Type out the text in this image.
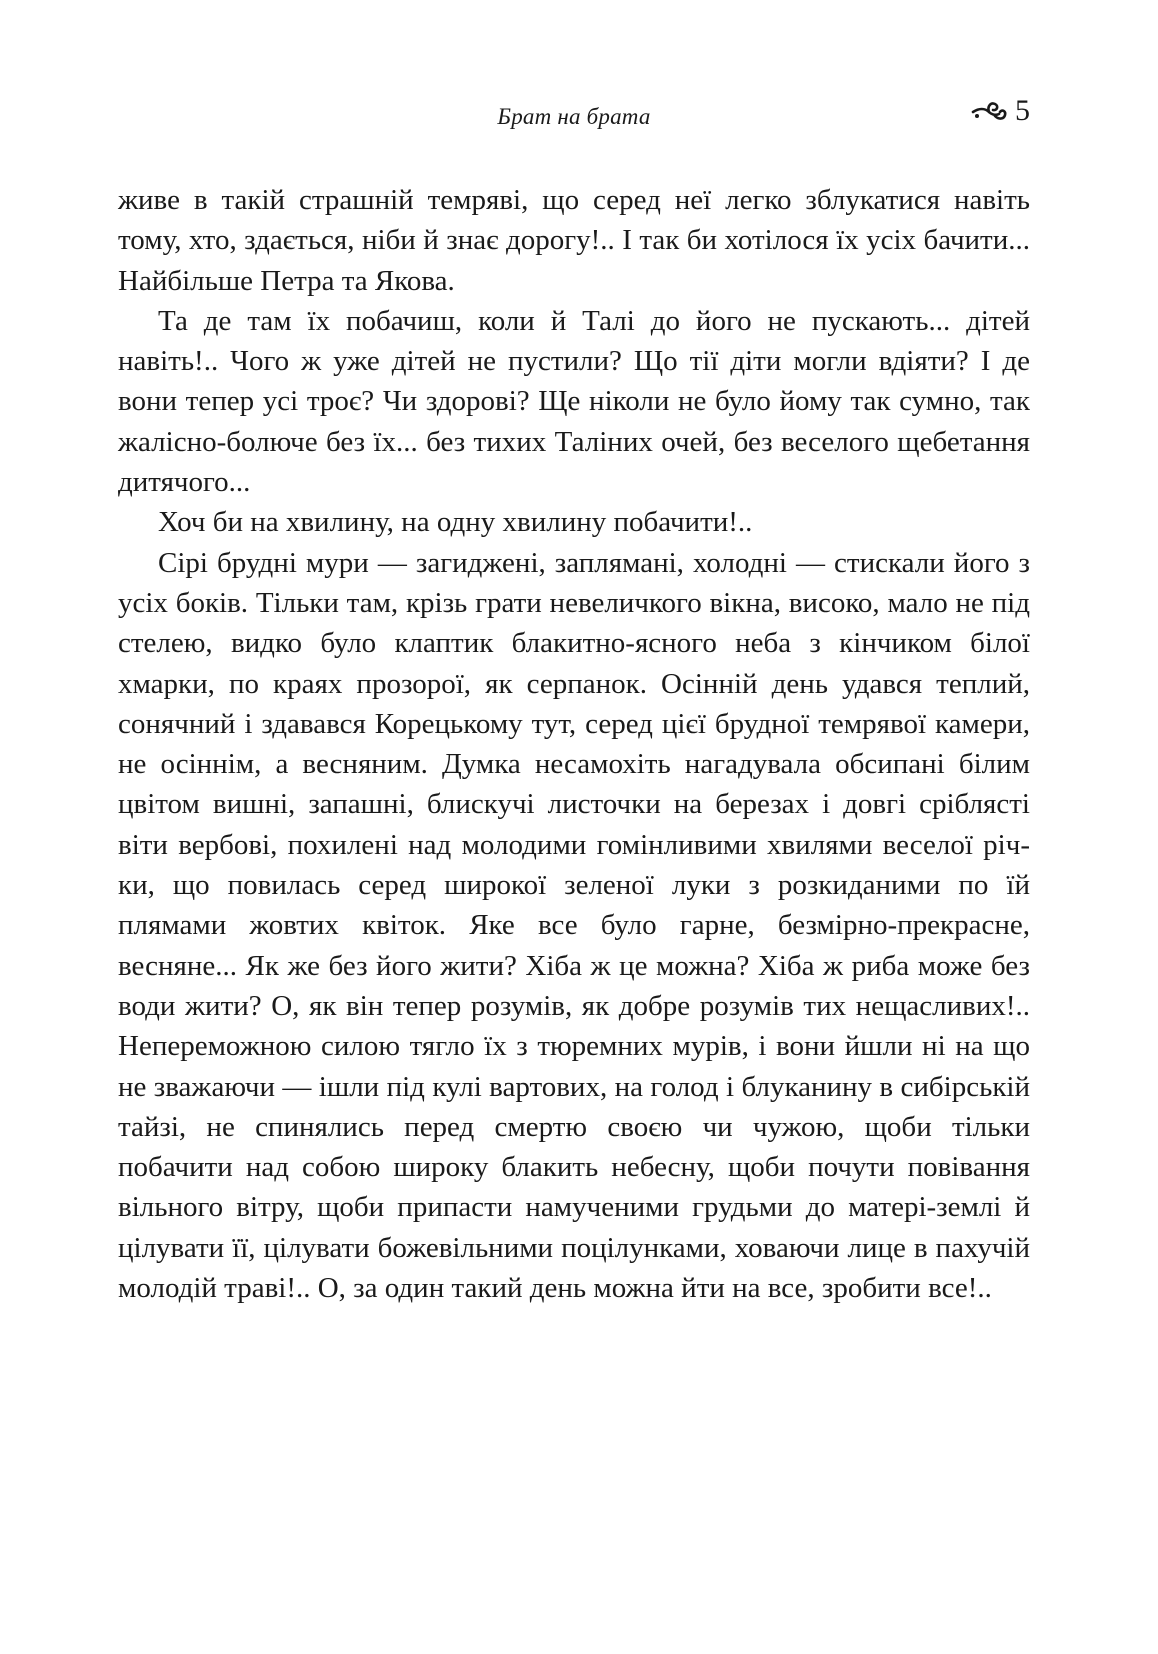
Брат на брата	5

живе в такій страшній темряві, що серед неї легко зблукатися навіть тому, хто, здається, ніби й знає дорогу!.. І так би хотілося їх усіх бачити... Найбільше Петра та Якова.

Та де там їх побачиш, коли й Талі до його не пускають... дітей навіть!.. Чого ж уже дітей не пустили? Що тії діти могли вдіяти? І де вони тепер усі троє? Чи здорові? Ще ніколи не було йому так сумно, так жалісно-болюче без їх... без тихих Таліних очей, без веселого щебетання дитячого...

Хоч би на хвилину, на одну хвилину побачити!..

Сірі брудні мури — загиджені, заплямані, холодні — стискали його з усіх боків. Тільки там, крізь грати невеличкого вікна, високо, мало не під стелею, видко було клаптик блакитно-ясного неба з кінчиком білої хмарки, по краях прозорої, як серпанок. Осінній день удався теплий, сонячний і здавався Корецькому тут, серед цієї брудної темрявої камери, не осіннім, а весняним. Думка несамохіть нагадувала обсипані білим цвітом вишні, запашні, блискучі листочки на березах і довгі сріблясті віти вербові, похилені над молодими гомінливими хвилями веселої річки, що повилась серед широкої зеленої луки з розкиданими по їй плямами жовтих квіток. Яке все було гарне, безмірно-прекрасне, весняне... Як же без його жити? Хіба ж це можна? Хіба ж риба може без води жити? О, як він тепер розумів, як добре розумів тих нещасливих!.. Непереможною силою тягло їх з тюремних мурів, і вони йшли ні на що не зважаючи — ішли під кулі вартових, на голод і блуканину в сибірській тайзі, не спинялись перед смертю своєю чи чужою, щоби тільки побачити над собою широку блакить небесну, щоби почути повівання вільного вітру, щоби припасти намученими грудьми до матері-землі й цілувати її, цілувати божевільними поцілунками, ховаючи лице в пахучій молодій траві!.. О, за один такий день можна йти на все, зробити все!..
